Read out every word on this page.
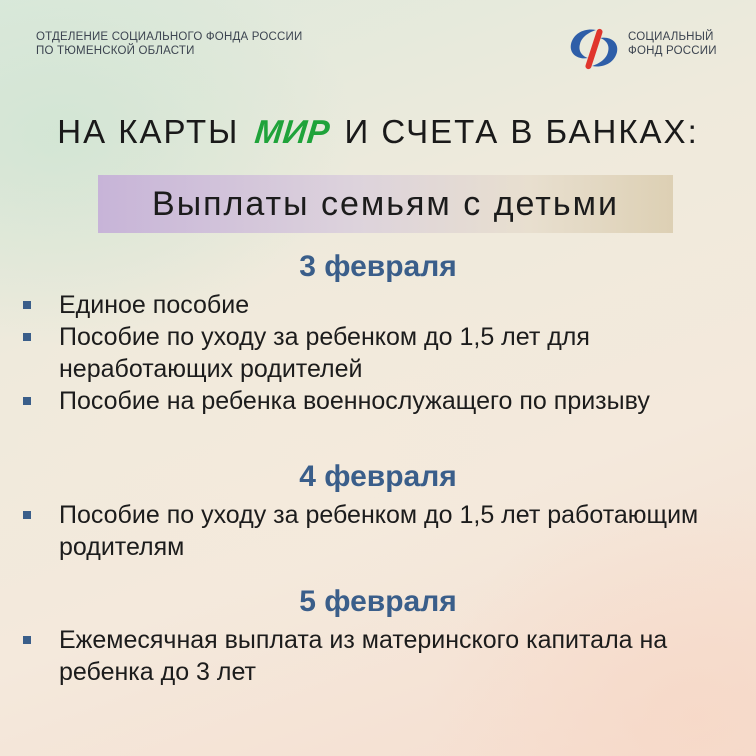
ОТДЕЛЕНИЕ СОЦИАЛЬНОГО ФОНДА РОССИИ
ПО ТЮМЕНСКОЙ ОБЛАСТИ
СОЦИАЛЬНЫЙ
ФОНД РОССИИ
НА КАРТЫ МИР И СЧЕТА В БАНКАХ:
Выплаты семьям с детьми
3 февраля
Единое пособие
Пособие по уходу за ребенком до 1,5 лет для неработающих родителей
Пособие на ребенка военнослужащего по призыву
4 февраля
Пособие по уходу за ребенком до 1,5 лет работающим родителям
5 февраля
Ежемесячная выплата из материнского капитала на ребенка до 3 лет
